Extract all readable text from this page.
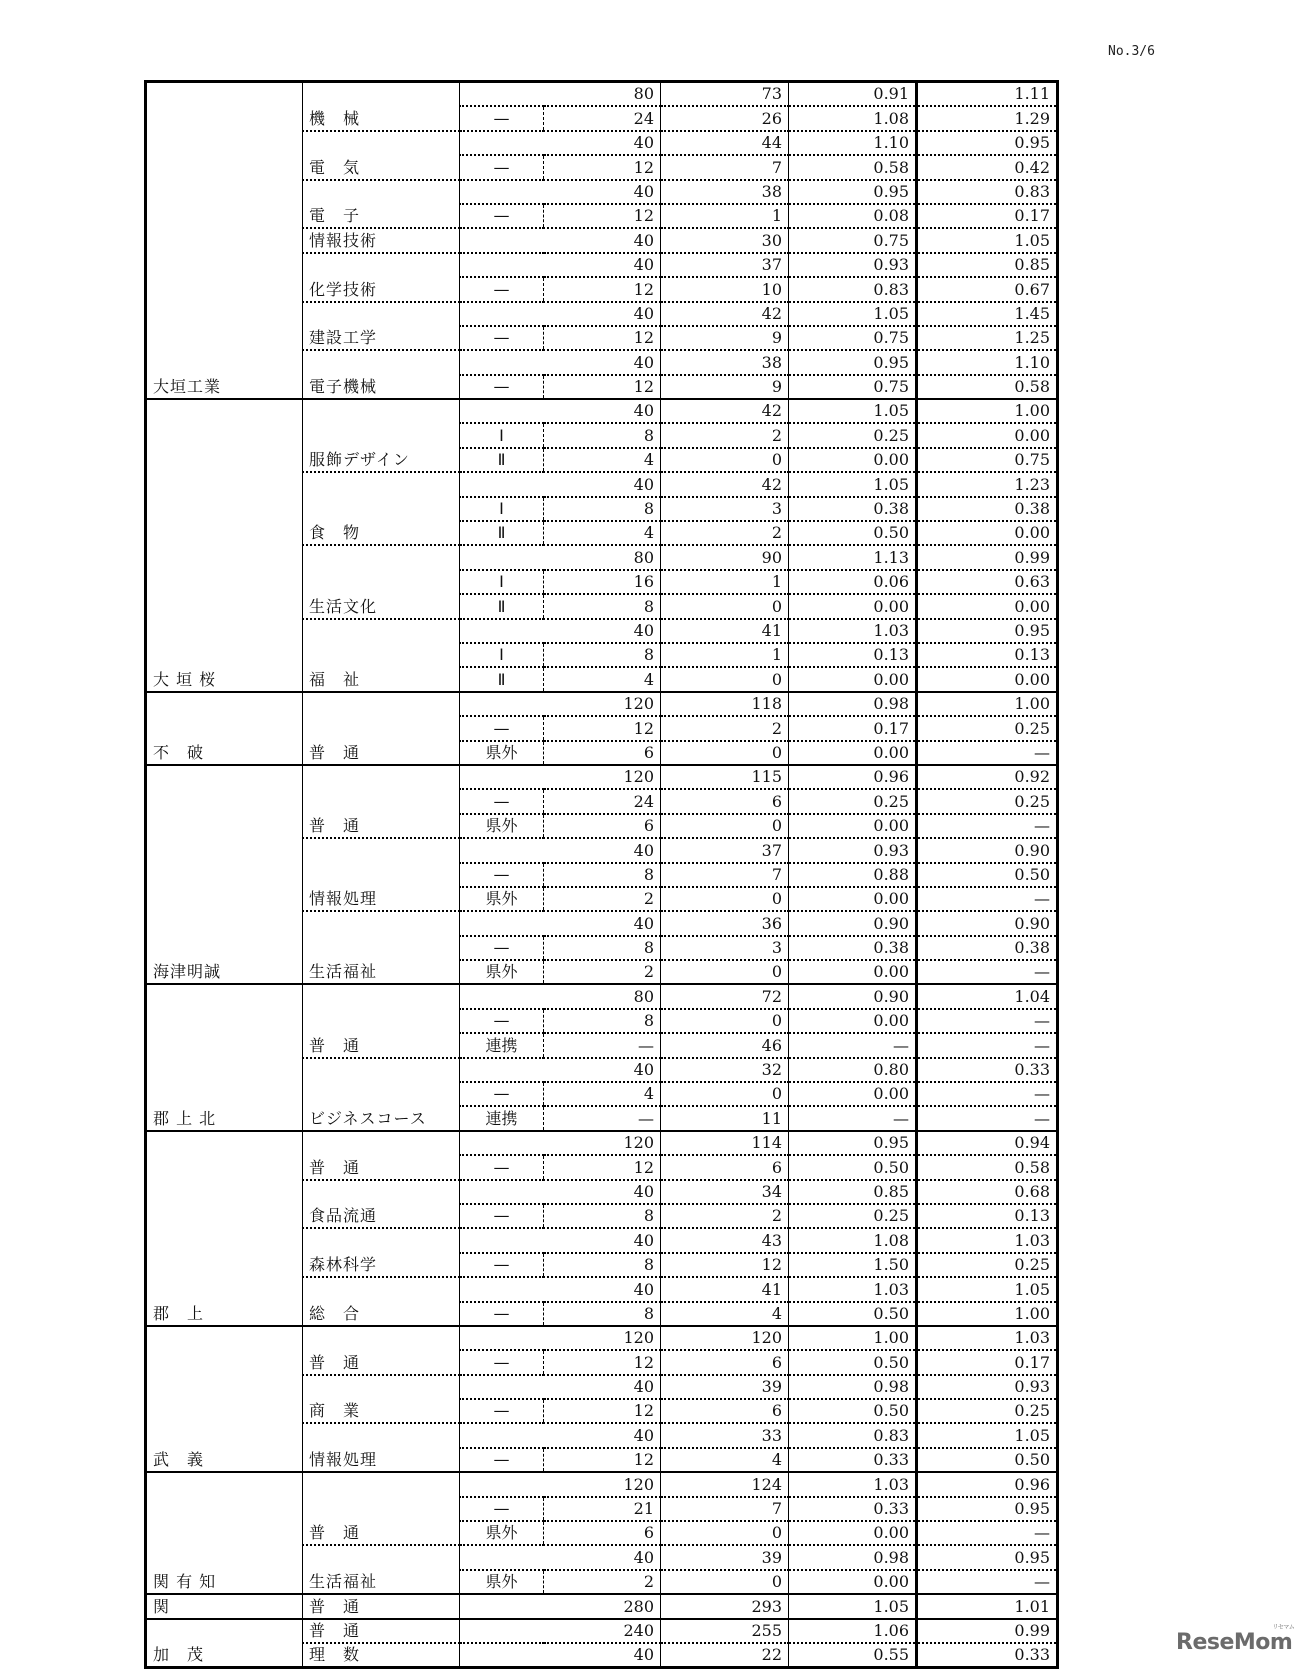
No.3/6
大垣工業	機　械	80		73	0.91	1.11
		—	24	26	1.08	1.29
	電　気	40		44	1.10	0.95
		—	12	7	0.58	0.42
	電　子	40		38	0.95	0.83
		—	12	1	0.08	0.17
	情報技術	40		30	0.75	1.05
	化学技術	40		37	0.93	0.85
		—	12	10	0.83	0.67
	建設工学	40		42	1.05	1.45
		—	12	9	0.75	1.25
	電子機械	40		38	0.95	1.10
		—	12	9	0.75	0.58
大 垣 桜	服飾デザイン	40		42	1.05	1.00
		Ⅰ	8	2	0.25	0.00
		Ⅱ	4	0	0.00	0.75
	食　物	40		42	1.05	1.23
		Ⅰ	8	3	0.38	0.38
		Ⅱ	4	2	0.50	0.00
	生活文化	80		90	1.13	0.99
		Ⅰ	16	1	0.06	0.63
		Ⅱ	8	0	0.00	0.00
	福　祉	40		41	1.03	0.95
		Ⅰ	8	1	0.13	0.13
		Ⅱ	4	0	0.00	0.00
不　破	普　通	120		118	0.98	1.00
		—	12	2	0.17	0.25
		県外	6	0	0.00	—
海津明誠	普　通	120		115	0.96	0.92
		—	24	6	0.25	0.25
		県外	6	0	0.00	—
	情報処理	40		37	0.93	0.90
		—	8	7	0.88	0.50
		県外	2	0	0.00	—
	生活福祉	40		36	0.90	0.90
		—	8	3	0.38	0.38
		県外	2	0	0.00	—
郡 上 北	普　通	80		72	0.90	1.04
		—	8	0	0.00	—
		連携	—	46	—	—
	ビジネスコース	40		32	0.80	0.33
		—	4	0	0.00	—
		連携	—	11	—	—
郡　上	普　通	120		114	0.95	0.94
		—	12	6	0.50	0.58
	食品流通	40		34	0.85	0.68
		—	8	2	0.25	0.13
	森林科学	40		43	1.08	1.03
		—	8	12	1.50	0.25
	総　合	40		41	1.03	1.05
		—	8	4	0.50	1.00
武　義	普　通	120		120	1.00	1.03
		—	12	6	0.50	0.17
	商　業	40		39	0.98	0.93
		—	12	6	0.50	0.25
	情報処理	40		33	0.83	1.05
		—	12	4	0.33	0.50
関 有 知	普　通	120		124	1.03	0.96
		—	21	7	0.33	0.95
		県外	6	0	0.00	—
	生活福祉	40		39	0.98	0.95
		県外	2	0	0.00	—
関	普　通	280		293	1.05	1.01
加　茂	普　通	240		255	1.06	0.99
	理　数	40		22	0.55	0.33	ReseMom
リセマム
